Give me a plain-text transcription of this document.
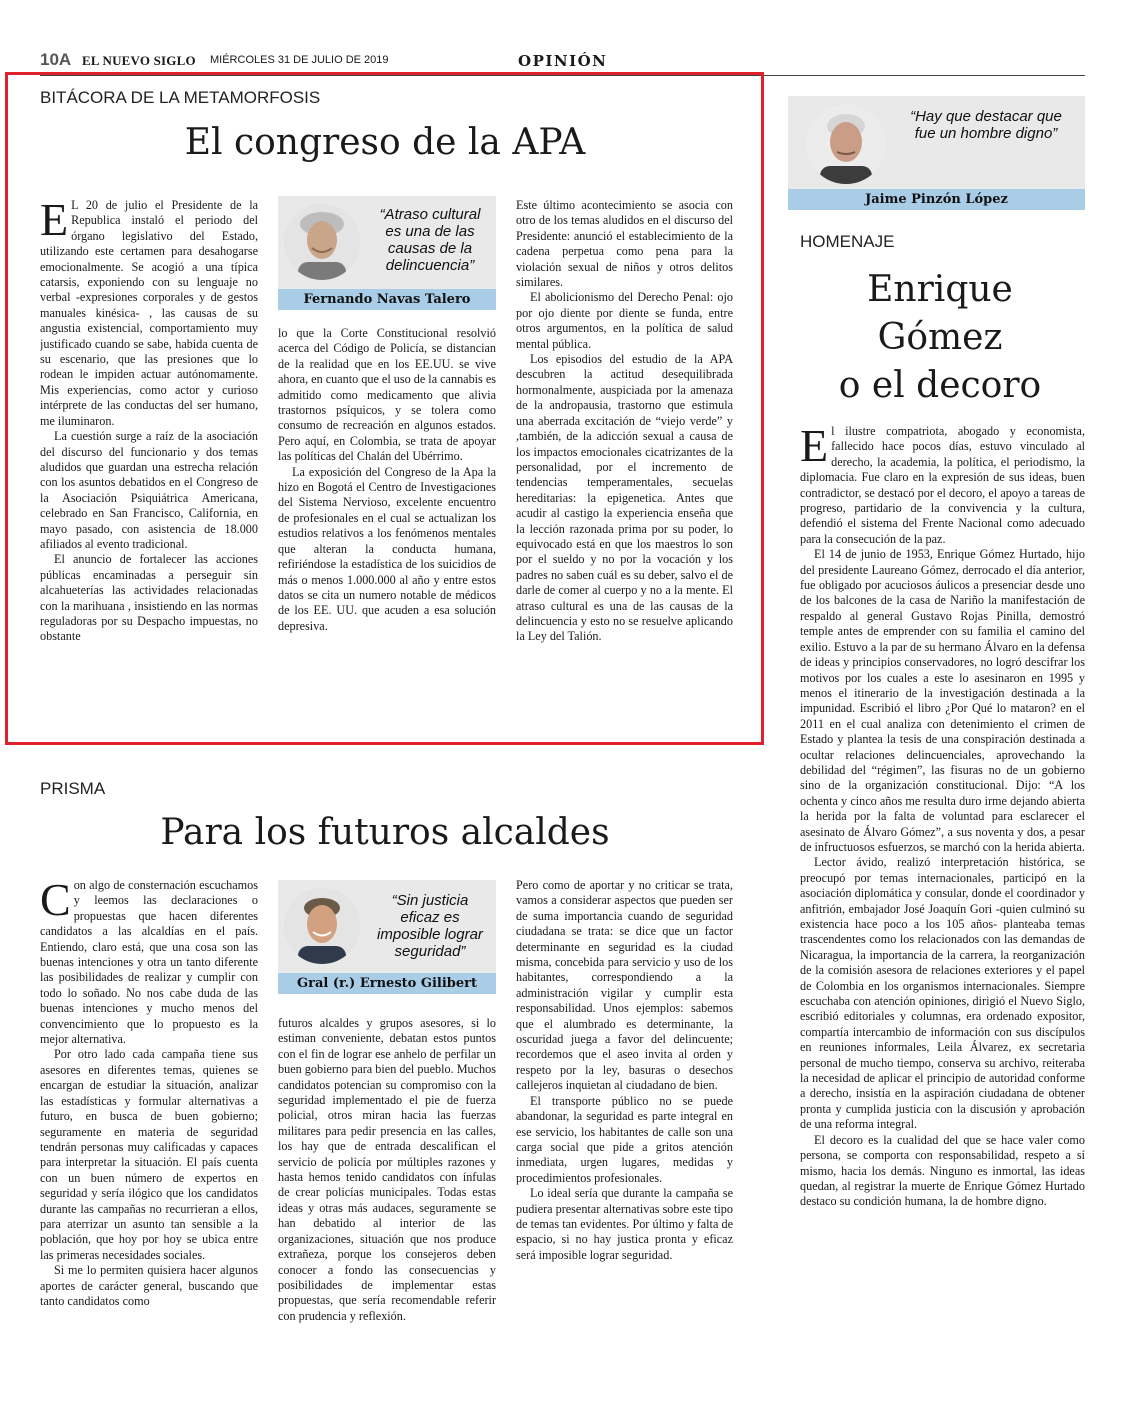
10A EL NUEVO SIGLO MIÉRCOLES 31 DE JULIO DE 2019	OPINIÓN
BITÁCORA DE LA METAMORFOSIS
El congreso de la APA

E L 20 de julio el Presidente de la Republica instaló el periodo del órgano legislativo del Estado, utilizando este certamen para desahogarse emocionalmente. Se acogió a una típica catarsis, exponiendo con su lenguaje no verbal -expresiones corporales y de gestos manuales kinésica- , las causas de su angustia existencial, comportamiento muy justificado cuando se sabe, habida cuenta de su escenario, que las presiones que lo rodean le impiden actuar autónomamente. Mis experiencias, como actor y curioso intérprete de las conductas del ser humano, me iluminaron.

La cuestión surge a raíz de la asociación del discurso del funcionario y dos temas aludidos que guardan una estrecha relación con los asuntos debatidos en el Congreso de la Asociación Psiquiátrica Americana, celebrado en San Francisco, California, en mayo pasado, con asistencia de 18.000 afiliados al evento tradicional.

El anuncio de fortalecer las acciones públicas encaminadas a perseguir sin alcahueterías las actividades relacionadas con la marihuana , insistiendo en las normas reguladoras por su Despacho impuestas, no obstante

“Atraso cultural es una de las causas de la delincuencia”
Fernando Navas Talero

lo que la Corte Constitucional resolvió acerca del Código de Policía, se distancian de la realidad que en los EE.UU. se vive ahora, en cuanto que el uso de la cannabis es admitido como medicamento que alivia trastornos psíquicos, y se tolera como consumo de recreación en algunos estados. Pero aquí, en Colombia, se trata de apoyar las políticas del Chalán del Ubérrimo.

La exposición del Congreso de la Apa la hizo en Bogotá el Centro de Investigaciones del Sistema Nervioso, excelente encuentro de profesionales en el cual se actualizan los estudios relativos a los fenómenos mentales que alteran la conducta humana, refiriéndose la estadística de los suicidios de más o menos 1.000.000 al año y entre estos datos se cita un numero notable de médicos de los EE. UU. que acuden a esa solución depresiva.

Este último acontecimiento se asocia con otro de los temas aludidos en el discurso del Presidente: anunció el establecimiento de la cadena perpetua como pena para la violación sexual de niños y otros delitos similares.

El abolicionismo del Derecho Penal: ojo por ojo diente por diente se funda, entre otros argumentos, en la política de salud mental pública.

Los episodios del estudio de la APA descubren la actitud desequilibrada hormonalmente, auspiciada por la amenaza de la andropausia, trastorno que estimula una aberrada excitación de “viejo verde” y ,también, de la adicción sexual a causa de los impactos emocionales cicatrizantes de la personalidad, por el incremento de tendencias temperamentales, secuelas hereditarias: la epigenetica. Antes que acudir al castigo la experiencia enseña que la lección razonada prima por su poder, lo equivocado está en que los maestros lo son por el sueldo y no por la vocación y los padres no saben cuál es su deber, salvo el de darle de comer al cuerpo y no a la mente. El atraso cultural es una de las causas de la delincuencia y esto no se resuelve aplicando la Ley del Talión.

PRISMA
Para los futuros alcaldes

Con algo de consternación escuchamos y leemos las declaraciones o propuestas que hacen diferentes candidatos a las alcaldías en el país. Entiendo, claro está, que una cosa son las buenas intenciones y otra un tanto diferente las posibilidades de realizar y cumplir con todo lo soñado. No nos cabe duda de las buenas intenciones y mucho menos del convencimiento que lo propuesto es la mejor alternativa.

Por otro lado cada campaña tiene sus asesores en diferentes temas, quienes se encargan de estudiar la situación, analizar las estadísticas y formular alternativas a futuro, en busca de buen gobierno; seguramente en materia de seguridad tendrán personas muy calificadas y capaces para interpretar la situación. El país cuenta con un buen número de expertos en seguridad y sería ilógico que los candidatos durante las campañas no recurrieran a ellos, para aterrizar un asunto tan sensible a la población, que hoy por hoy se ubica entre las primeras necesidades sociales.

Si me lo permiten quisiera hacer algunos aportes de carácter general, buscando que tanto candidatos como

“Sin justicia eficaz es imposible lograr seguridad”
Gral (r.) Ernesto Gilibert

futuros alcaldes y grupos asesores, si lo estiman conveniente, debatan estos puntos con el fin de lograr ese anhelo de perfilar un buen gobierno para bien del pueblo. Muchos candidatos potencian su compromiso con la seguridad implementado el pie de fuerza policial, otros miran hacia las fuerzas militares para pedir presencia en las calles, los hay que de entrada descalifican el servicio de policía por múltiples razones y hasta hemos tenido candidatos con ínfulas de crear policías municipales. Todas estas ideas y otras más audaces, seguramente se han debatido al interior de las organizaciones, situación que nos produce extrañeza, porque los consejeros deben conocer a fondo las consecuencias y posibilidades de implementar estas propuestas, que sería recomendable referir con prudencia y reflexión.

Pero como de aportar y no criticar se trata, vamos a considerar aspectos que pueden ser de suma importancia cuando de seguridad ciudadana se trata: se dice que un factor determinante en seguridad es la ciudad misma, concebida para servicio y uso de los habitantes, correspondiendo a la administración vigilar y cumplir esta responsabilidad. Unos ejemplos: sabemos que el alumbrado es determinante, la oscuridad juega a favor del delincuente; recordemos que el aseo invita al orden y respeto por la ley, basuras o desechos callejeros inquietan al ciudadano de bien.

El transporte público no se puede abandonar, la seguridad es parte integral en ese servicio, los habitantes de calle son una carga social que pide a gritos atención inmediata, urgen lugares, medidas y procedimientos profesionales.

Lo ideal sería que durante la campaña se pudiera presentar alternativas sobre este tipo de temas tan evidentes. Por último y falta de espacio, si no hay justica pronta y eficaz será imposible lograr seguridad.

“Hay que destacar que fue un hombre digno”
Jaime Pinzón López
HOMENAJE
Enrique
Gómez
o el decoro

El ilustre compatriota, abogado y economista, fallecido hace pocos días, estuvo vinculado al derecho, la academia, la política, el periodismo, la diplomacia. Fue claro en la expresión de sus ideas, buen contradictor, se destacó por el decoro, el apoyo a tareas de progreso, partidario de la convivencia y la cultura, defendió el sistema del Frente Nacional como adecuado para la consecución de la paz.

El 14 de junio de 1953, Enrique Gómez Hurtado, hijo del presidente Laureano Gómez, derrocado el día anterior, fue obligado por acuciosos áulicos a presenciar desde uno de los balcones de la casa de Nariño la manifestación de respaldo al general Gustavo Rojas Pinilla, demostró temple antes de emprender con su familia el camino del exilio. Estuvo a la par de su hermano Álvaro en la defensa de ideas y principios conservadores, no logró descifrar los motivos por los cuales a este lo asesinaron en 1995 y menos el itinerario de la investigación destinada a la impunidad. Escribió el libro ¿Por Qué lo mataron? en el 2011 en el cual analiza con detenimiento el crimen de Estado y plantea la tesis de una conspiración destinada a ocultar relaciones delincuenciales, aprovechando la debilidad del “régimen”, las fisuras no de un gobierno sino de la organización constitucional. Dijo: “A los ochenta y cinco años me resulta duro irme dejando abierta la herida por la falta de voluntad para esclarecer el asesinato de Álvaro Gómez”, a sus noventa y dos, a pesar de infructuosos esfuerzos, se marchó con la herida abierta.

Lector ávido, realizó interpretación histórica, se preocupó por temas internacionales, participó en la asociación diplomática y consular, donde el coordinador y anfitrión, embajador José Joaquín Gori -quien culminó su existencia hace poco a los 105 años- planteaba temas trascendentes como los relacionados con las demandas de Nicaragua, la importancia de la carrera, la reorganización de la comisión asesora de relaciones exteriores y el papel de Colombia en los organismos internacionales. Siempre escuchaba con atención opiniones, dirigió el Nuevo Siglo, escribió editoriales y columnas, era ordenado expositor, compartía intercambio de información con sus discípulos en reuniones informales, Leila Álvarez, ex secretaria personal de mucho tiempo, conserva su archivo, reiteraba la necesidad de aplicar el principio de autoridad conforme a derecho, insistía en la aspiración ciudadana de obtener pronta y cumplida justicia con la discusión y aprobación de una reforma integral.

El decoro es la cualidad del que se hace valer como persona, se comporta con responsabilidad, respeto a sí mismo, hacia los demás. Ninguno es inmortal, las ideas quedan, al registrar la muerte de Enrique Gómez Hurtado destaco su condición humana, la de hombre digno.
